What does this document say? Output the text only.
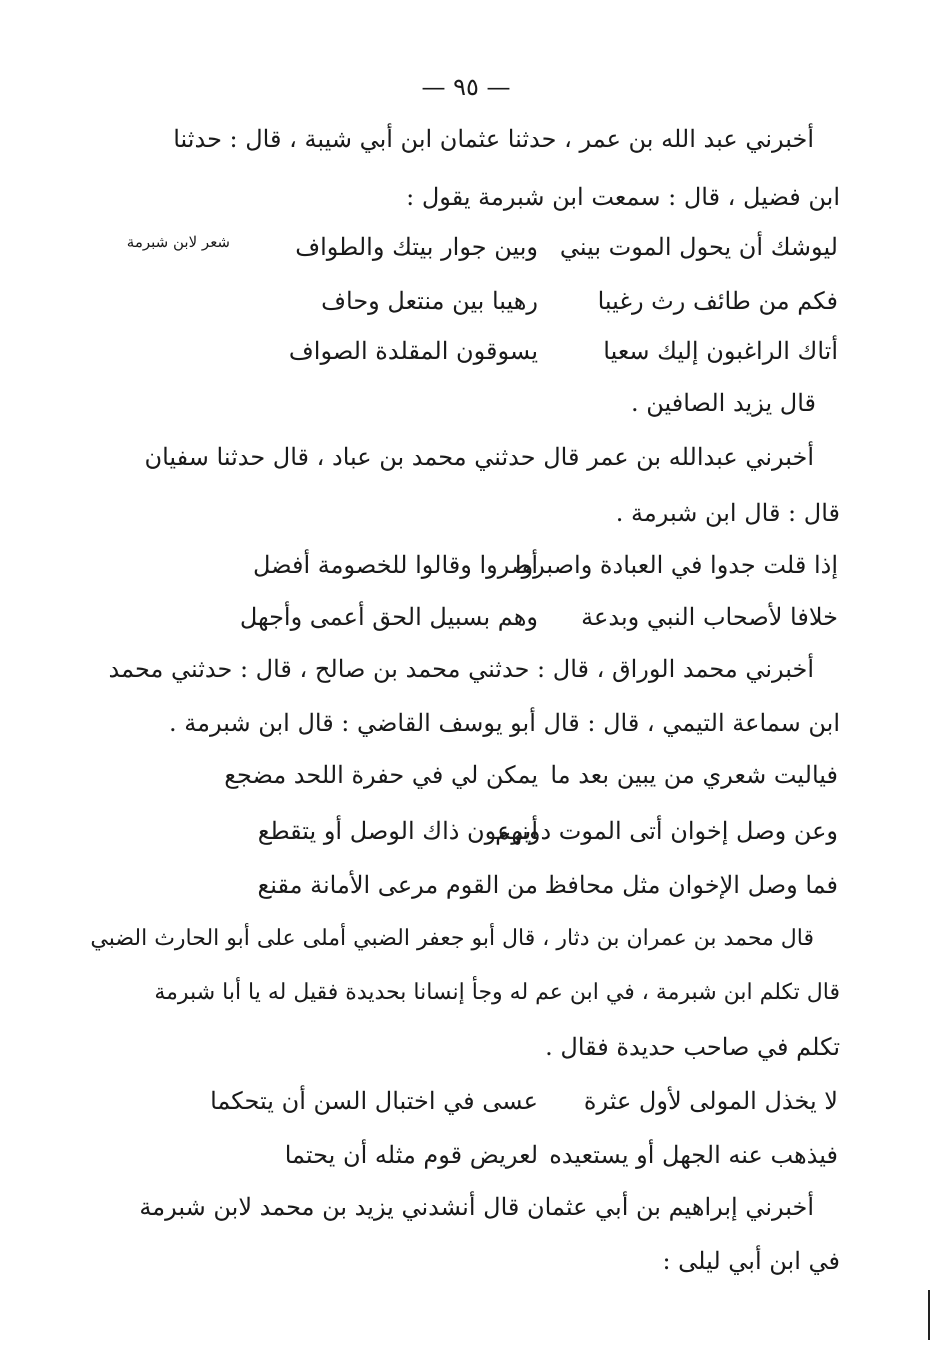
— ٩٥ —
شعر لابن شبرمة
أخبرني عبد الله بن عمر ، حدثنا عثمان ابن أبي شيبة ، قال : حدثنا
ابن فضيل ، قال : سمعت ابن شبرمة يقول :
ليوشك أن يحول الموت بيني
وبين جوار بيتك والطواف
فكم من طائف رث رغيبا
رهيبا بين منتعل وحاف
أتاك الراغبون إليك سعيا
يسوقون المقلدة الصواف
قال يزيد الصافين .
أخبرني عبدالله بن عمر قال حدثني محمد بن عباد ، قال حدثنا سفيان
قال : قال ابن شبرمة .
إذا قلت جدوا في العبادة واصبروا
أصروا وقالوا للخصومة أفضل
خلافا لأصحاب النبي وبدعة
وهم بسبيل الحق أعمى وأجهل
أخبرني محمد الوراق ، قال : حدثني محمد بن صالح ، قال : حدثني محمد
ابن سماعة التيمي ، قال : قال أبو يوسف القاضي : قال ابن شبرمة .
فياليت شعري من يبين بعد ما
يمكن لي في حفرة اللحد مضجع
وعن وصل إخوان أتى الموت دونهم
أيرعون ذاك الوصل أو يتقطع
فما وصل الإخوان مثل محافظ
من القوم مرعى الأمانة مقنع
قال محمد بن عمران بن دثار ، قال أبو جعفر الضبي أملى على أبو الحارث الضبي
قال تكلم ابن شبرمة ، في ابن عم له وجأ إنسانا بحديدة فقيل له يا أبا شبرمة
تكلم في صاحب حديدة فقال .
لا يخذل المولى لأول عثرة
عسى في اختبال السن أن يتحكما
فيذهب عنه الجهل أو يستعيده
لعريض قوم مثله أن يحتما
أخبرني إبراهيم بن أبي عثمان قال أنشدني يزيد بن محمد لابن شبرمة
في ابن أبي ليلى :
